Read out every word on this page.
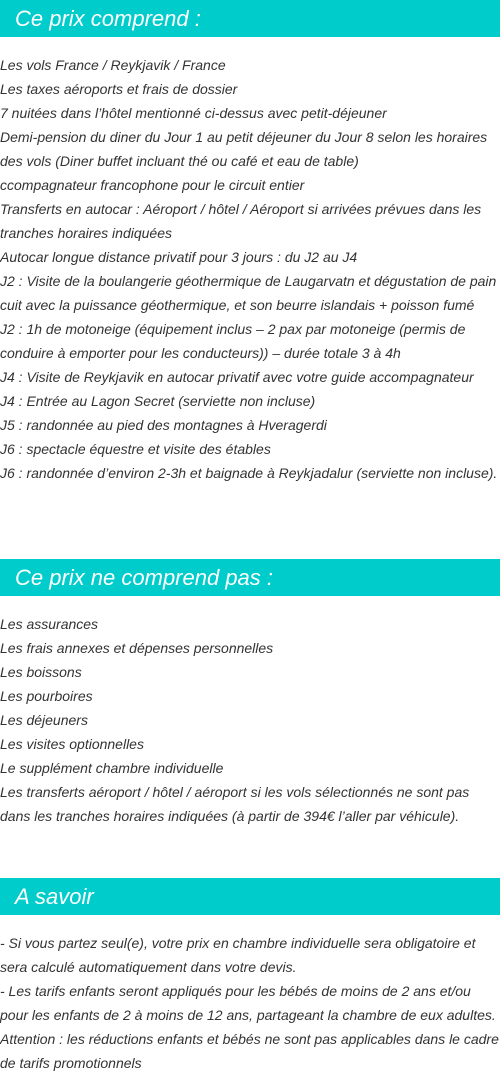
Ce prix comprend :
Les vols France / Reykjavik / France
Les taxes aéroports et frais de dossier
7 nuitées dans l’hôtel mentionné ci-dessus avec petit-déjeuner
Demi-pension du diner du Jour 1 au petit déjeuner du Jour 8 selon les horaires des vols (Diner buffet incluant thé ou café et eau de table)
ccompagnateur francophone pour le circuit entier
Transferts en autocar : Aéroport / hôtel / Aéroport si arrivées prévues dans les tranches horaires indiquées
Autocar longue distance privatif pour 3 jours : du J2 au J4
J2 : Visite de la boulangerie géothermique de Laugarvatn et dégustation de pain cuit avec la puissance géothermique, et son beurre islandais + poisson fumé
J2 : 1h de motoneige (équipement inclus – 2 pax par motoneige (permis de conduire à emporter pour les conducteurs)) – durée totale 3 à 4h
J4 : Visite de Reykjavik en autocar privatif avec votre guide accompagnateur
J4 : Entrée au Lagon Secret (serviette non incluse)
J5 : randonnée au pied des montagnes à Hveragerdi
J6 : spectacle équestre et visite des étables
J6 : randonnée d’environ 2-3h et baignade à Reykjadalur (serviette non incluse).
Ce prix ne comprend pas :
Les assurances
Les frais annexes et dépenses personnelles
Les boissons
Les pourboires
Les déjeuners
Les visites optionnelles
Le supplément chambre individuelle
Les transferts aéroport / hôtel / aéroport si les vols sélectionnés ne sont pas dans les tranches horaires indiquées (à partir de 394€ l’aller par véhicule).
A savoir
- Si vous partez seul(e), votre prix en chambre individuelle sera obligatoire et sera calculé automatiquement dans votre devis.
- Les tarifs enfants seront appliqués pour les bébés de moins de 2 ans et/ou pour les enfants de 2 à moins de 12 ans, partageant la chambre de eux adultes.
Attention : les réductions enfants et bébés ne sont pas applicables dans le cadre de tarifs promotionnels
